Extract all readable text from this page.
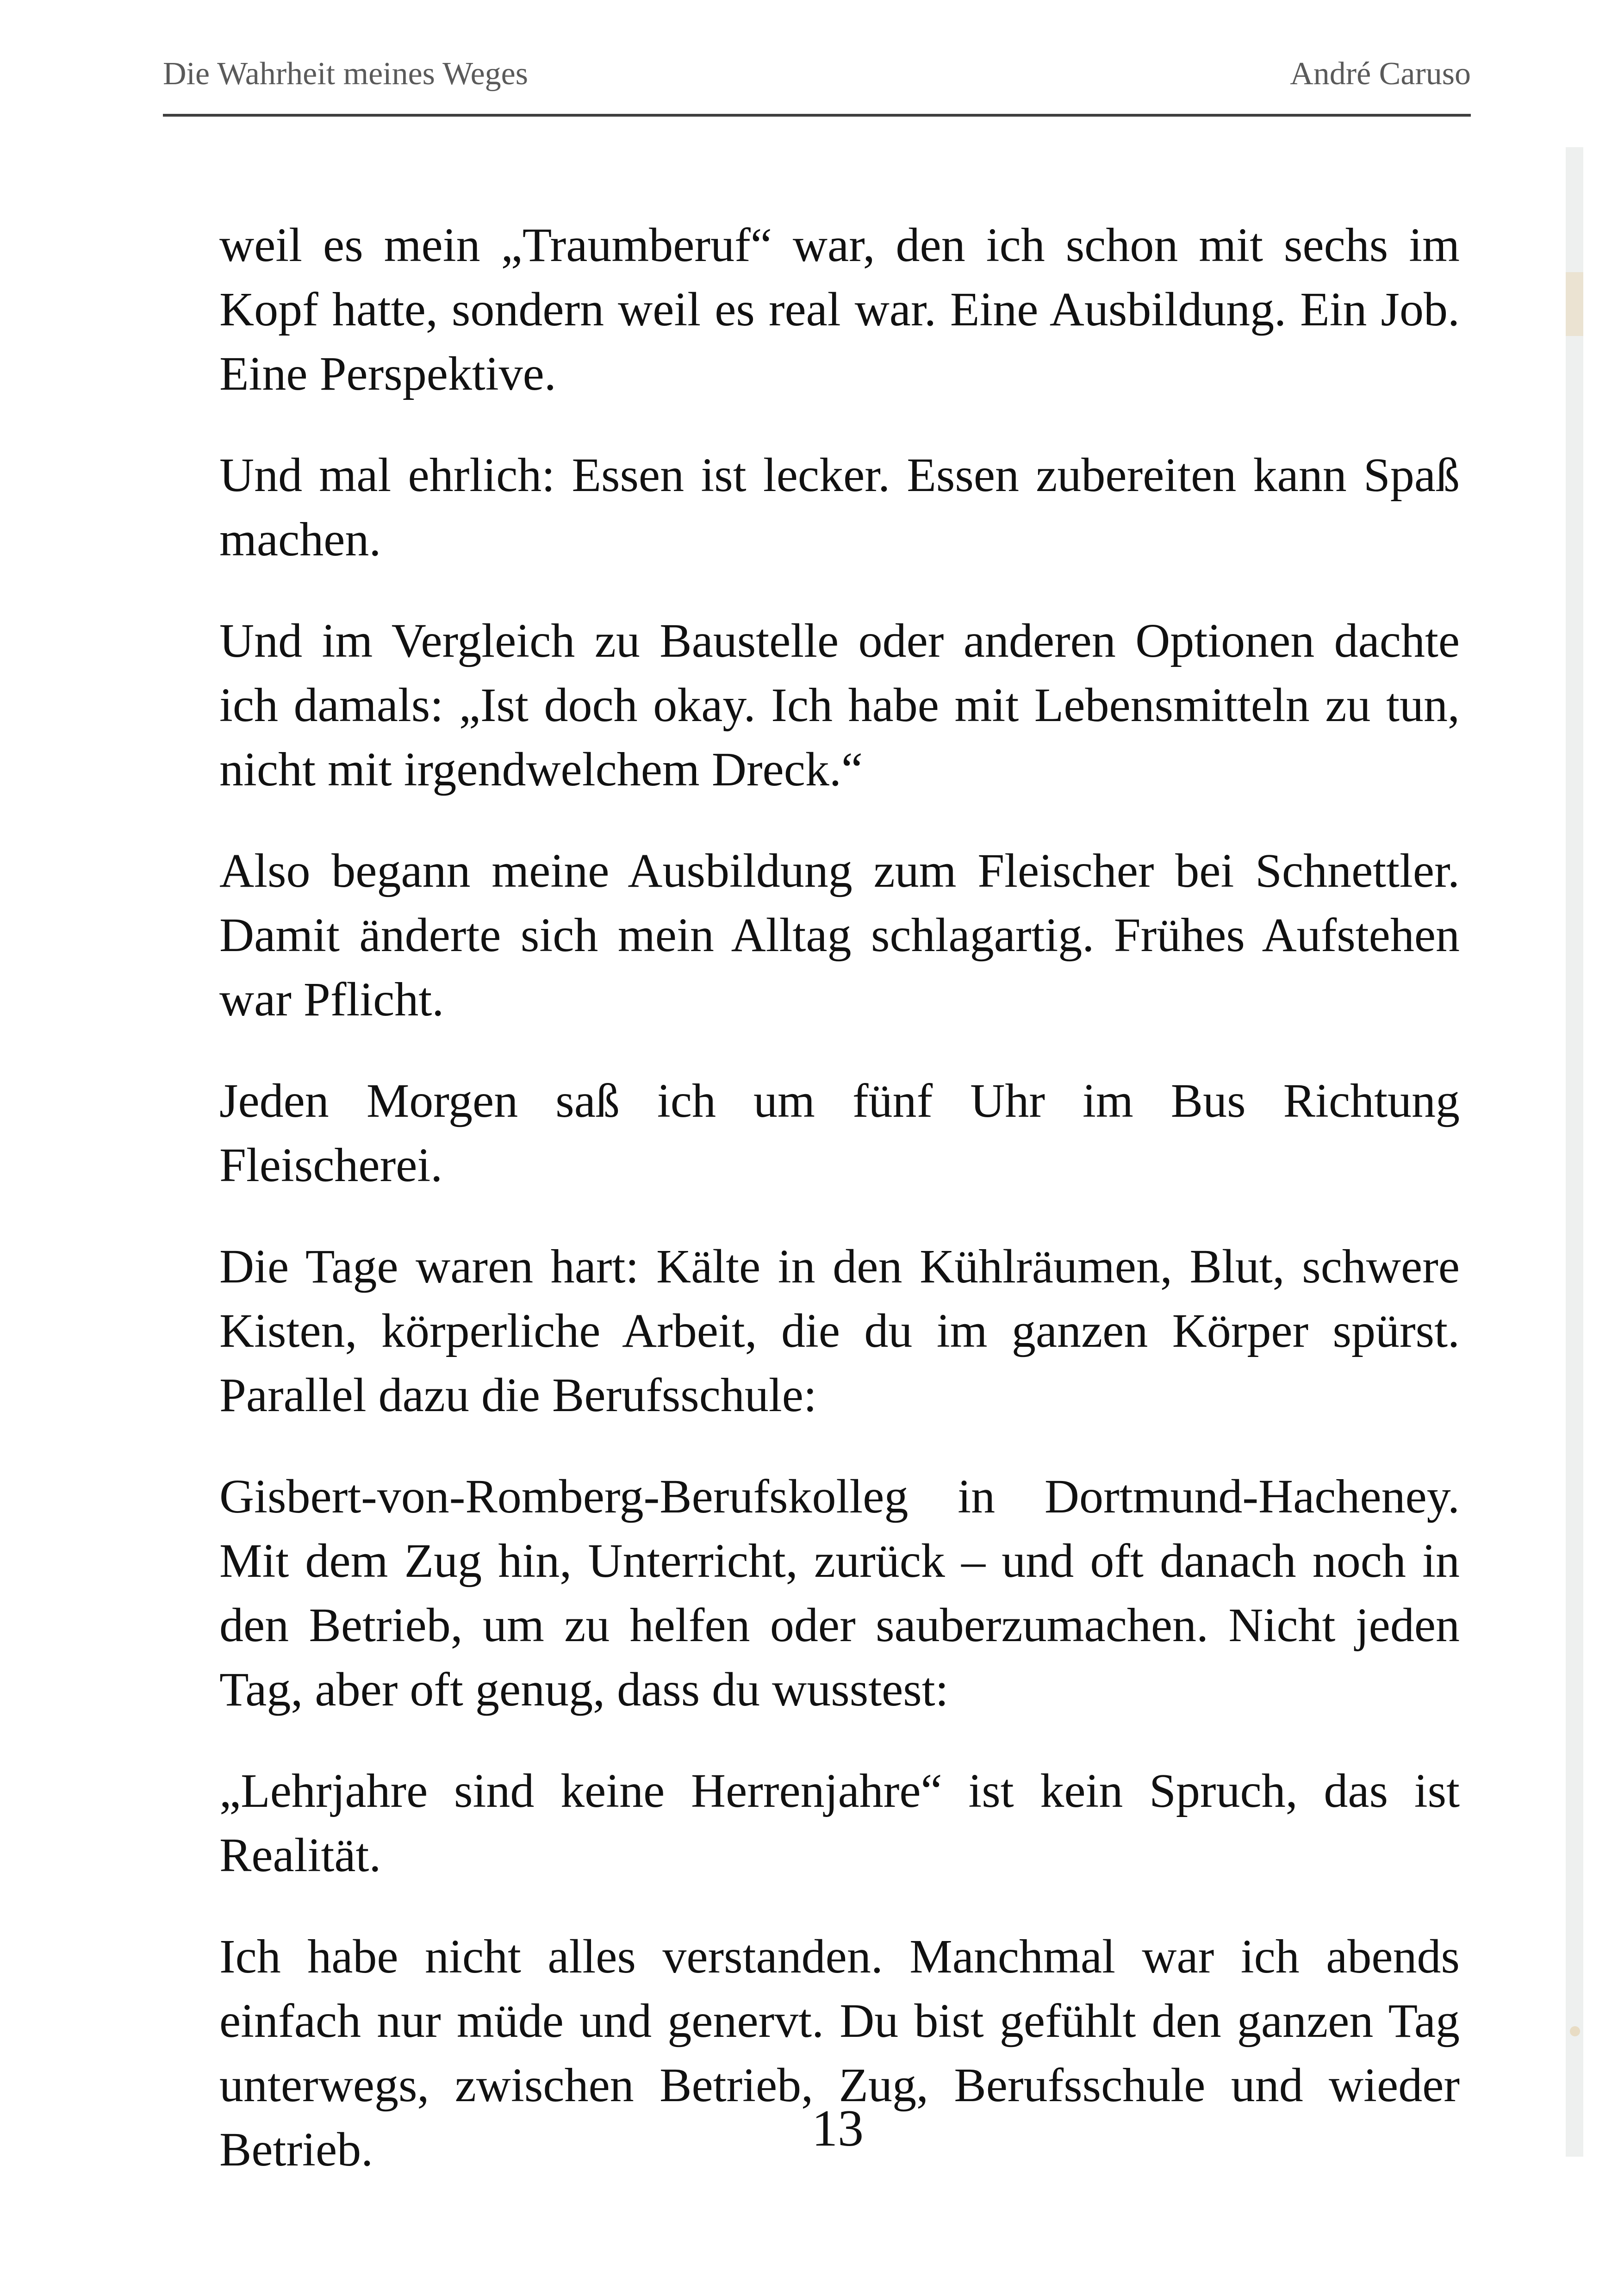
Die Wahrheit meines Weges	André Caruso

weil es mein „Traumberuf“ war, den ich schon mit sechs im Kopf hatte, sondern weil es real war. Eine Ausbildung. Ein Job. Eine Perspektive.

Und mal ehrlich: Essen ist lecker. Essen zubereiten kann Spaß machen.

Und im Vergleich zu Baustelle oder anderen Optionen dachte ich damals: „Ist doch okay. Ich habe mit Lebensmitteln zu tun, nicht mit irgendwelchem Dreck.“

Also begann meine Ausbildung zum Fleischer bei Schnettler. Damit änderte sich mein Alltag schlagartig. Frühes Aufstehen war Pflicht.

Jeden Morgen saß ich um fünf Uhr im Bus Richtung Fleischerei.

Die Tage waren hart: Kälte in den Kühlräumen, Blut, schwere Kisten, körperliche Arbeit, die du im ganzen Körper spürst. Parallel dazu die Berufsschule:

Gisbert-von-Romberg-Berufskolleg in Dortmund-Hacheney. Mit dem Zug hin, Unterricht, zurück – und oft danach noch in den Betrieb, um zu helfen oder sauberzumachen. Nicht jeden Tag, aber oft genug, dass du wusstest:

„Lehrjahre sind keine Herrenjahre“ ist kein Spruch, das ist Realität.

Ich habe nicht alles verstanden. Manchmal war ich abends einfach nur müde und genervt. Du bist gefühlt den ganzen Tag unterwegs, zwischen Betrieb, Zug, Berufsschule und wieder Betrieb.	13
